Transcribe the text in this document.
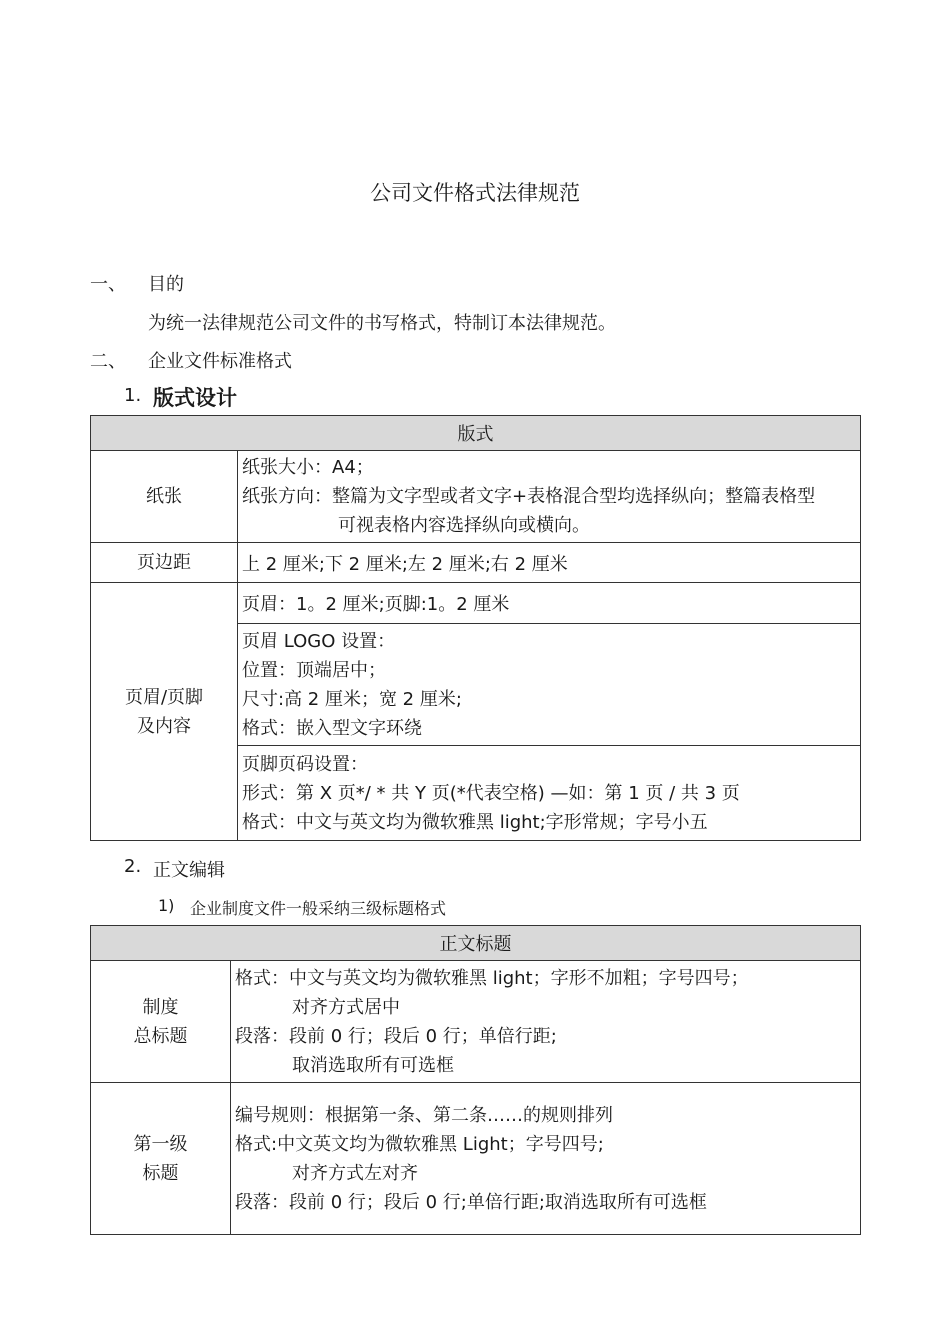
公司文件格式法律规范
一、 目的
为统一法律规范公司文件的书写格式，特制订本法律规范。
二、 企业文件标准格式
1. 版式设计
版式	
纸张	纸张大小：A4；
纸张方向：整篇为文字型或者文字+表格混合型均选择纵向；整篇表格型
可视表格内容选择纵向或横向。

页边距	上 2 厘米;下 2 厘米;左 2 厘米;右 2 厘米

页眉/页脚
及内容	页眉：1。2 厘米;页脚:1。2 厘米

	页眉 LOGO 设置：
位置：顶端居中；
尺寸:高 2 厘米；宽 2 厘米;
格式：嵌入型文字环绕

	页脚页码设置：
形式：第 X 页*/ * 共 Y 页(*代表空格) —如：第 1 页 / 共 3 页
格式：中文与英文均为微软雅黑 light;字形常规；字号小五
2. 正文编辑
1) 企业制度文件一般采纳三级标题格式
正文标题	

制度
总标题	格式：中文与英文均为微软雅黑 light；字形不加粗；字号四号；
对齐方式居中
段落：段前 0 行；段后 0 行；单倍行距;
取消选取所有可选框

第一级
标题	编号规则：根据第一条、第二条……的规则排列
格式:中文英文均为微软雅黑 Light；字号四号;
对齐方式左对齐
段落：段前 0 行；段后 0 行;单倍行距;取消选取所有可选框
